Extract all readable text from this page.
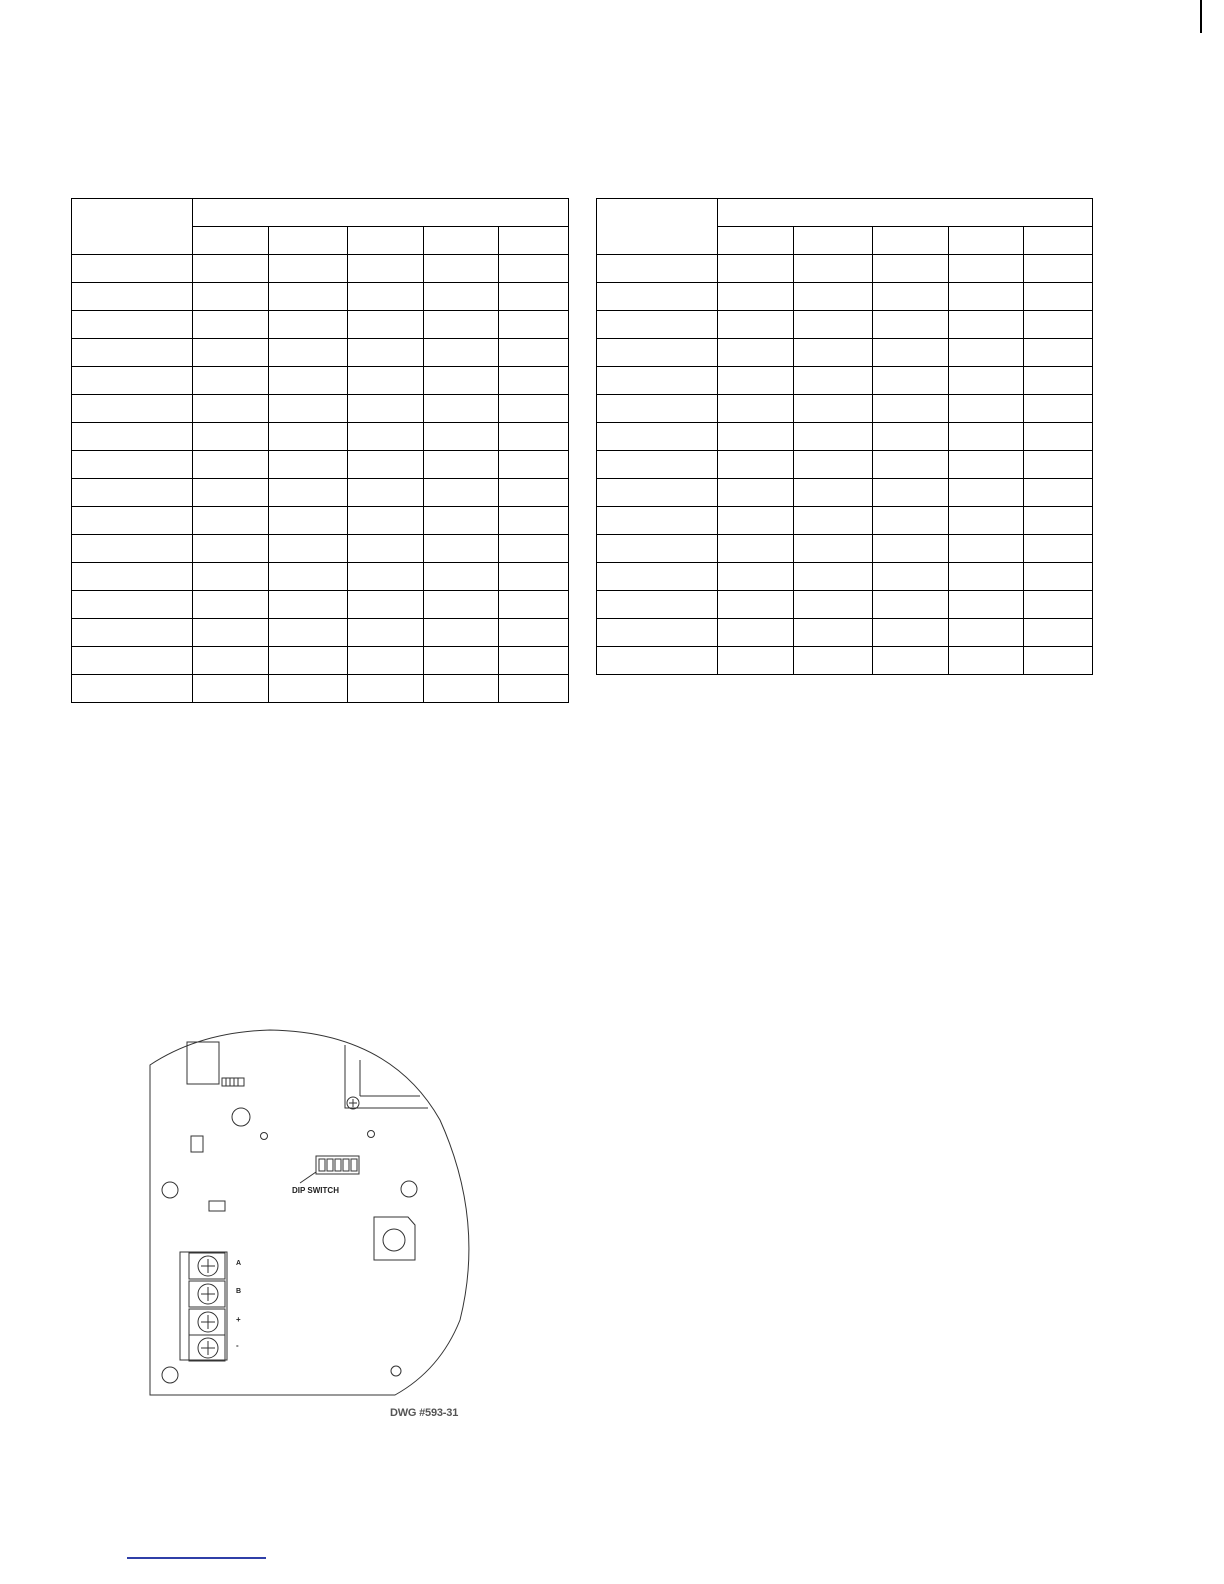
DIP SWITCH
A
B
+
-
DWG #593-31
